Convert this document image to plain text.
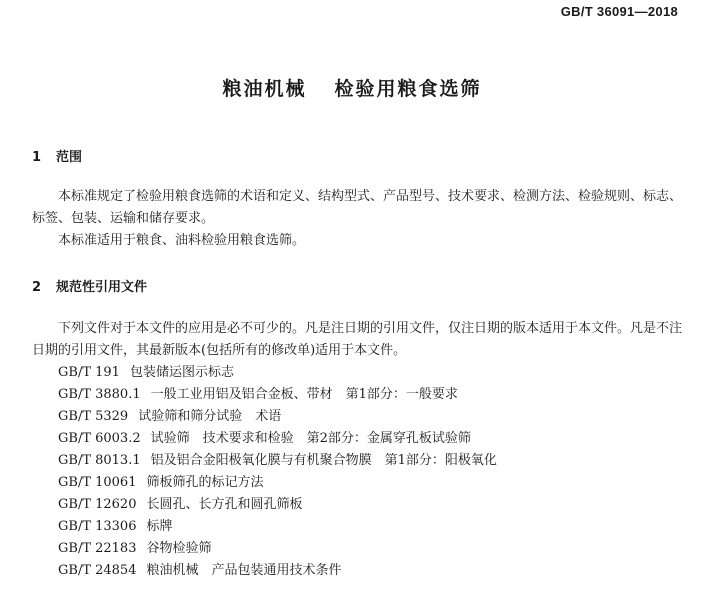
GB/T 36091—2018
粮油机械 检验用粮食选筛
1 范围
本标准规定了检验用粮食选筛的术语和定义、结构型式、产品型号、技术要求、检测方法、检验规则、标志、标签、包装、运输和储存要求。
本标准适用于粮食、油料检验用粮食选筛。
2 规范性引用文件
下列文件对于本文件的应用是必不可少的。凡是注日期的引用文件，仅注日期的版本适用于本文件。凡是不注日期的引用文件，其最新版本(包括所有的修改单)适用于本文件。
GB/T 191 包装储运图示标志
GB/T 3880.1 一般工业用铝及铝合金板、带材　第1部分：一般要求
GB/T 5329 试验筛和筛分试验　术语
GB/T 6003.2 试验筛　技术要求和检验　第2部分：金属穿孔板试验筛
GB/T 8013.1 铝及铝合金阳极氧化膜与有机聚合物膜　第1部分：阳极氧化
GB/T 10061 筛板筛孔的标记方法
GB/T 12620 长圆孔、长方孔和圆孔筛板
GB/T 13306 标牌
GB/T 22183 谷物检验筛
GB/T 24854 粮油机械　产品包装通用技术条件
